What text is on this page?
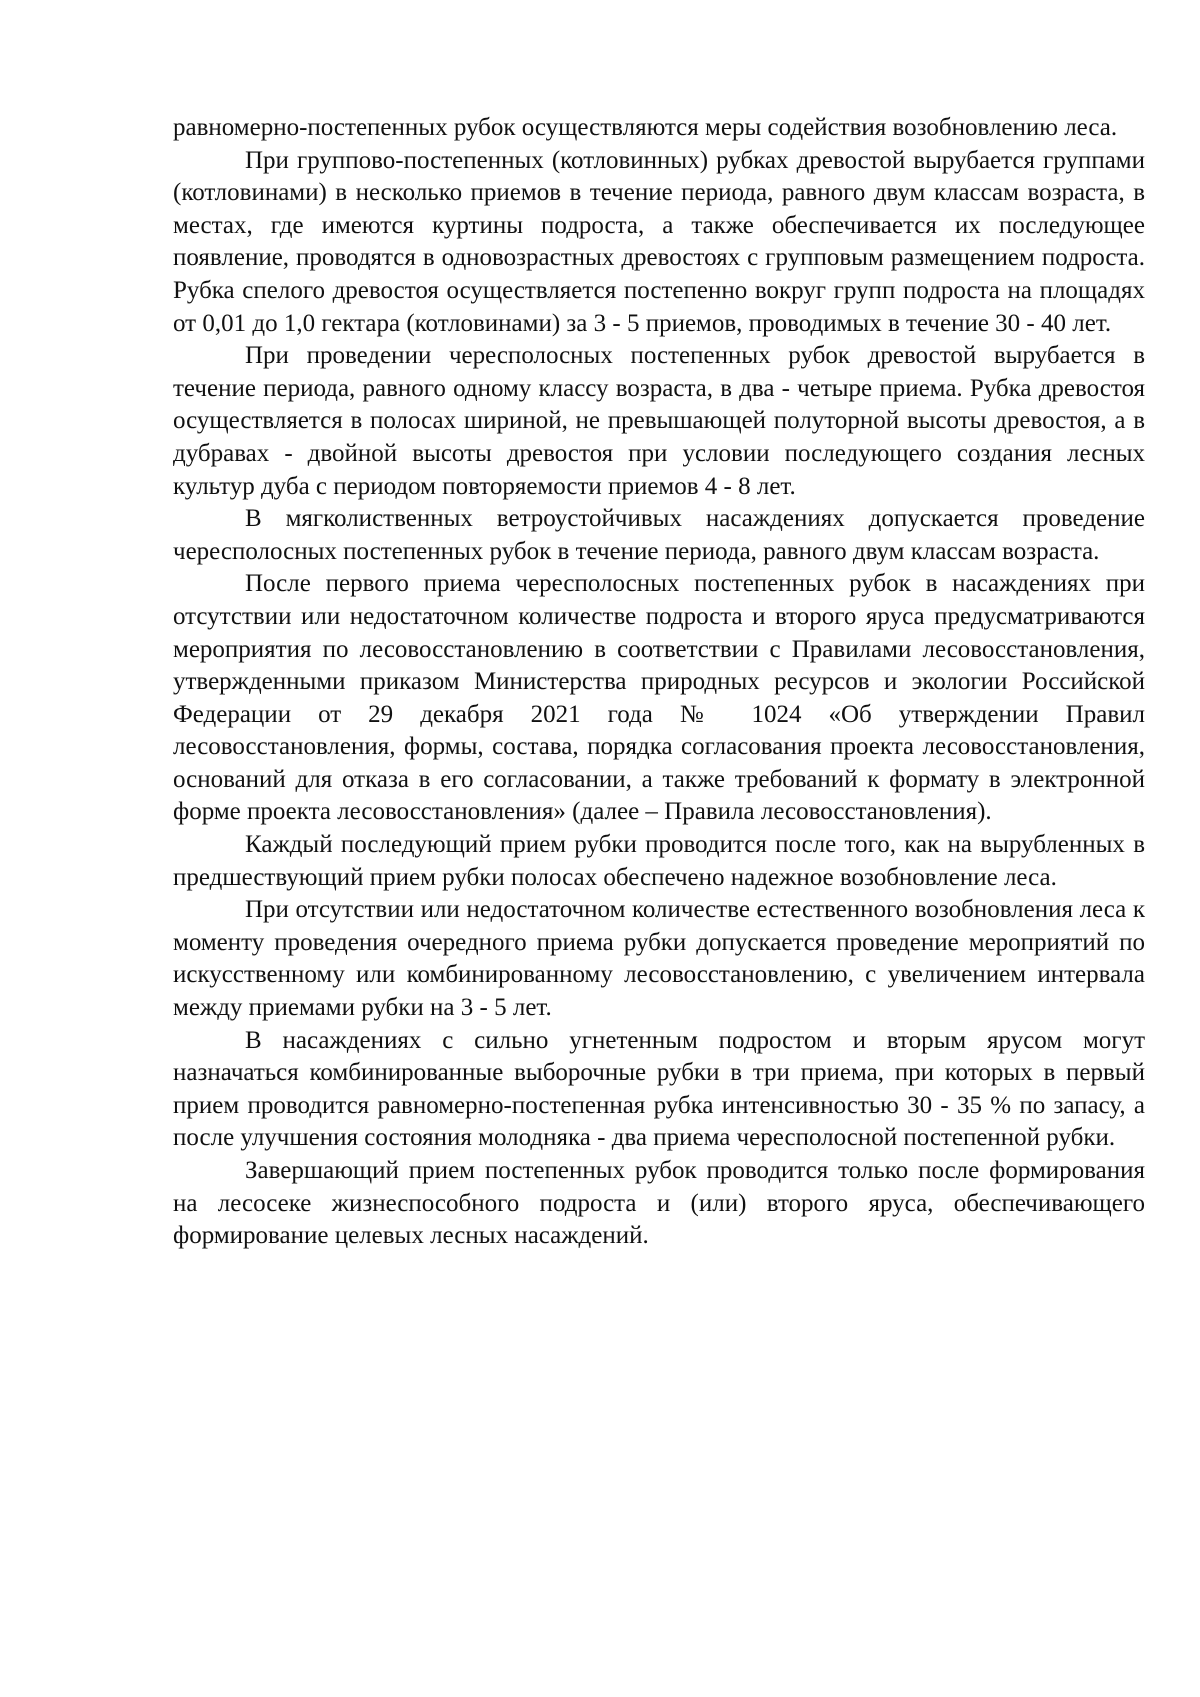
равномерно-постепенных рубок осуществляются меры содействия возобновлению леса.

При группово-постепенных (котловинных) рубках древостой вырубается группами (котловинами) в несколько приемов в течение периода, равного двум классам возраста, в местах, где имеются куртины подроста, а также обеспечивается их последующее появление, проводятся в одновозрастных древостоях с групповым размещением подроста. Рубка спелого древостоя осуществляется постепенно вокруг групп подроста на площадях от 0,01 до 1,0 гектара (котловинами) за 3 - 5 приемов, проводимых в течение 30 - 40 лет.

При проведении чересполосных постепенных рубок древостой вырубается в течение периода, равного одному классу возраста, в два - четыре приема. Рубка древостоя осуществляется в полосах шириной, не превышающей полуторной высоты древостоя, а в дубравах - двойной высоты древостоя при условии последующего создания лесных культур дуба с периодом повторяемости приемов 4 - 8 лет.

В мягколиственных ветроустойчивых насаждениях допускается проведение чересполосных постепенных рубок в течение периода, равного двум классам возраста.

После первого приема чересполосных постепенных рубок в насаждениях при отсутствии или недостаточном количестве подроста и второго яруса предусматриваются мероприятия по лесовосстановлению в соответствии с Правилами лесовосстановления, утвержденными приказом Министерства природных ресурсов и экологии Российской Федерации от 29 декабря 2021 года № 1024 «Об утверждении Правил лесовосстановления, формы, состава, порядка согласования проекта лесовосстановления, оснований для отказа в его согласовании, а также требований к формату в электронной форме проекта лесовосстановления» (далее – Правила лесовосстановления).

Каждый последующий прием рубки проводится после того, как на вырубленных в предшествующий прием рубки полосах обеспечено надежное возобновление леса.

При отсутствии или недостаточном количестве естественного возобновления леса к моменту проведения очередного приема рубки допускается проведение мероприятий по искусственному или комбинированному лесовосстановлению, с увеличением интервала между приемами рубки на 3 - 5 лет.

В насаждениях с сильно угнетенным подростом и вторым ярусом могут назначаться комбинированные выборочные рубки в три приема, при которых в первый прием проводится равномерно-постепенная рубка интенсивностью 30 - 35 % по запасу, а после улучшения состояния молодняка - два приема чересполосной постепенной рубки.

Завершающий прием постепенных рубок проводится только после формирования на лесосеке жизнеспособного подроста и (или) второго яруса, обеспечивающего формирование целевых лесных насаждений.
